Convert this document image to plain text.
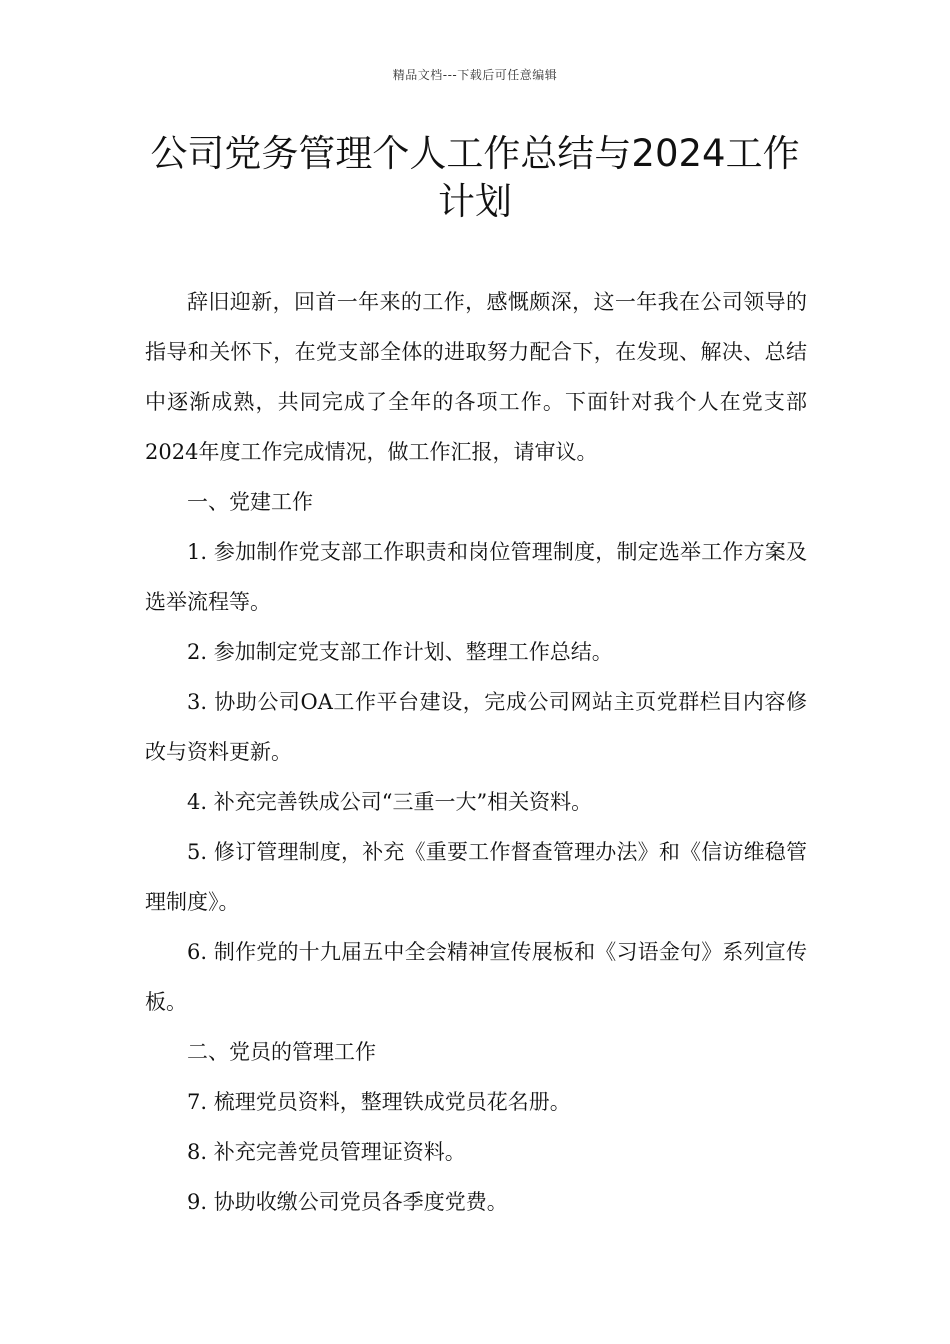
精品文档---下载后可任意编辑
公司党务管理个人工作总结与2024工作计划

辞旧迎新，回首一年来的工作，感慨颇深，这一年我在公司领导的指导和关怀下，在党支部全体的进取努力配合下，在发现、解决、总结中逐渐成熟，共同完成了全年的各项工作。下面针对我个人在党支部2024年度工作完成情况，做工作汇报，请审议。

一、党建工作

1. 参加制作党支部工作职责和岗位管理制度，制定选举工作方案及选举流程等。

2. 参加制定党支部工作计划、整理工作总结。

3. 协助公司OA工作平台建设，完成公司网站主页党群栏目内容修改与资料更新。

4. 补充完善铁成公司“三重一大”相关资料。

5. 修订管理制度，补充《重要工作督查管理办法》和《信访维稳管理制度》。

6. 制作党的十九届五中全会精神宣传展板和《习语金句》系列宣传板。

二、党员的管理工作

7. 梳理党员资料，整理铁成党员花名册。

8. 补充完善党员管理证资料。

9. 协助收缴公司党员各季度党费。
